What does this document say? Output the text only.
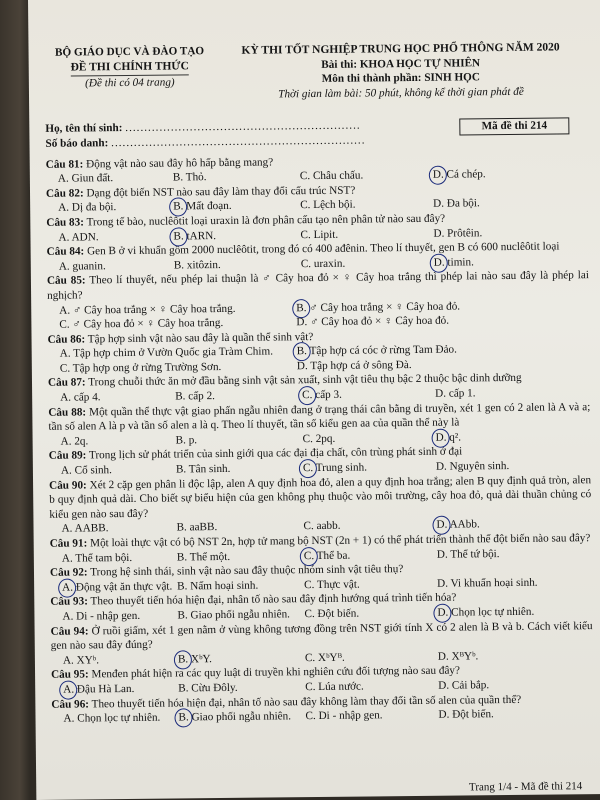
BỘ GIÁO DỤC VÀ ĐÀO TẠO
ĐỀ THI CHÍNH THỨC
(Đề thi có 04 trang)
KỲ THI TỐT NGHIỆP TRUNG HỌC PHỔ THÔNG NĂM 2020
Bài thi: KHOA HỌC TỰ NHIÊN
Môn thi thành phần: SINH HỌC
Thời gian làm bài: 50 phút, không kể thời gian phát đề
Họ, tên thí sinh: ..............................................................
Số báo danh: ...................................................................
Mã đề thi 214
Câu 81: Động vật nào sau đây hô hấp bằng mang?
A. Giun đất.	B. Thỏ.	C. Châu chấu.	D. Cá chép.
Câu 82: Dạng đột biến NST nào sau đây làm thay đổi cấu trúc NST?
A. Dị đa bội.	B. Mất đoạn.	C. Lệch bội.	D. Đa bội.
Câu 83: Trong tế bào, nuclêôtit loại uraxin là đơn phân cấu tạo nên phân tử nào sau đây?
A. ADN.	B. tARN.	C. Lipit.	D. Prôtêin.
Câu 84: Gen B ở vi khuẩn gồm 2000 nuclêôtit, trong đó có 400 ađênin. Theo lí thuyết, gen B có 600 nuclêôtit loại
A. guanin.	B. xitôzin.	C. uraxin.	D. timin.
Câu 85: Theo lí thuyết, nếu phép lai thuận là ♂ Cây hoa đỏ × ♀ Cây hoa trắng thì phép lai nào sau đây là phép lai nghịch?
A. ♂ Cây hoa trắng × ♀ Cây hoa trắng.	B. ♂ Cây hoa trắng × ♀ Cây hoa đỏ.
C. ♂ Cây hoa đỏ × ♀ Cây hoa trắng.	D. ♂ Cây hoa đỏ × ♀ Cây hoa đỏ.
Câu 86: Tập hợp sinh vật nào sau đây là quần thể sinh vật?
A. Tập hợp chim ở Vườn Quốc gia Tràm Chim.	B. Tập hợp cá cóc ở rừng Tam Đảo.
C. Tập hợp ong ở rừng Trường Sơn.	D. Tập hợp cá ở sông Đà.
Câu 87: Trong chuỗi thức ăn mở đầu bằng sinh vật sản xuất, sinh vật tiêu thụ bậc 2 thuộc bậc dinh dưỡng
A. cấp 4.	B. cấp 2.	C. cấp 3.	D. cấp 1.
Câu 88: Một quần thể thực vật giao phấn ngẫu nhiên đang ở trạng thái cân bằng di truyền, xét 1 gen có 2 alen là A và a; tần số alen A là p và tần số alen a là q. Theo lí thuyết, tần số kiểu gen aa của quần thể này là
A. 2q.	B. p.	C. 2pq.	D. q².
Câu 89: Trong lịch sử phát triển của sinh giới qua các đại địa chất, côn trùng phát sinh ở đại
A. Cổ sinh.	B. Tân sinh.	C. Trung sinh.	D. Nguyên sinh.
Câu 90: Xét 2 cặp gen phân li độc lập, alen A quy định hoa đỏ, alen a quy định hoa trắng; alen B quy định quả tròn, alen b quy định quả dài. Cho biết sự biểu hiện của gen không phụ thuộc vào môi trường, cây hoa đỏ, quả dài thuần chủng có kiểu gen nào sau đây?
A. AABB.	B. aaBB.	C. aabb.	D. AAbb.
Câu 91: Một loài thực vật có bộ NST 2n, hợp tử mang bộ NST (2n + 1) có thể phát triển thành thể đột biến nào sau đây?
A. Thể tam bội.	B. Thể một.	C. Thể ba.	D. Thể tứ bội.
Câu 92: Trong hệ sinh thái, sinh vật nào sau đây thuộc nhóm sinh vật tiêu thụ?
A. Động vật ăn thực vật. B. Nấm hoại sinh.	C. Thực vật.	D. Vi khuẩn hoại sinh.
Câu 93: Theo thuyết tiến hóa hiện đại, nhân tố nào sau đây định hướng quá trình tiến hóa?
A. Di - nhập gen.	B. Giao phối ngẫu nhiên.	C. Đột biến.	D. Chọn lọc tự nhiên.
Câu 94: Ở ruồi giấm, xét 1 gen nằm ở vùng không tương đồng trên NST giới tính X có 2 alen là B và b. Cách viết kiểu gen nào sau đây đúng?
A. XYᵇ.	B. XᵇY.	C. XᵇYᴮ.	D. XᴮYᵇ.
Câu 95: Menđen phát hiện ra các quy luật di truyền khi nghiên cứu đối tượng nào sau đây?
A. Đậu Hà Lan.	B. Cừu Đôly.	C. Lúa nước.	D. Cải bắp.
Câu 96: Theo thuyết tiến hóa hiện đại, nhân tố nào sau đây không làm thay đổi tần số alen của quần thể?
A. Chọn lọc tự nhiên.	B. Giao phối ngẫu nhiên.	C. Di - nhập gen.	D. Đột biến.
Trang 1/4 - Mã đề thi 214
